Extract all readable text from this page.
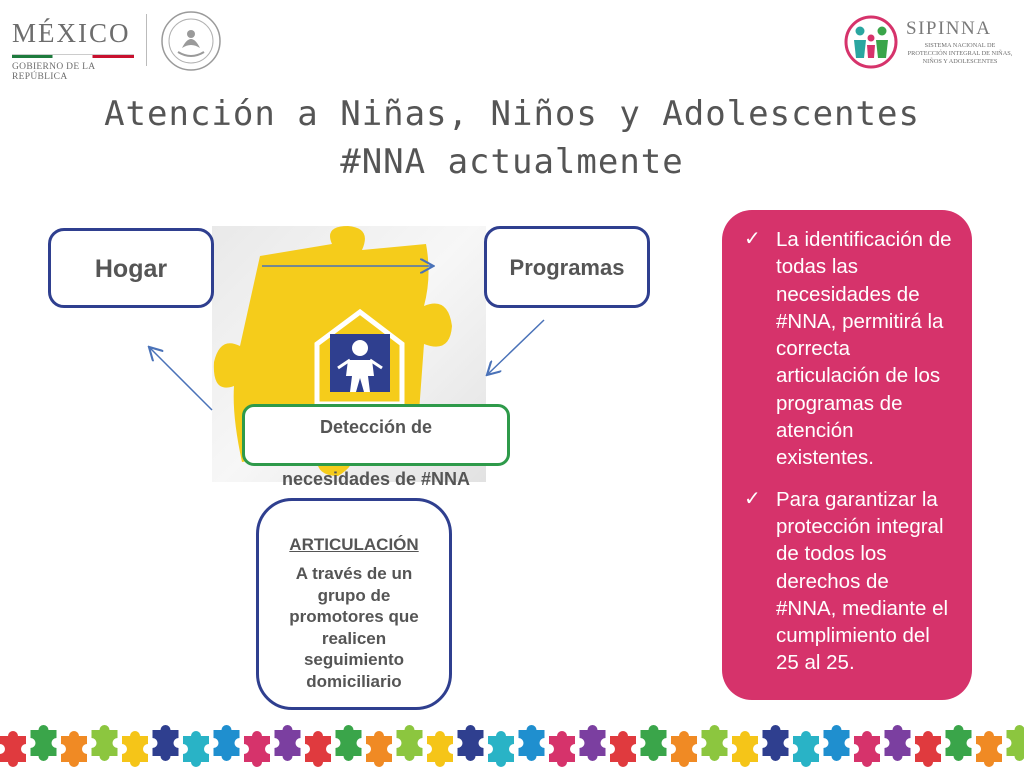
MÉXICO
GOBIERNO DE LA REPÚBLICA
SIPINNA
SISTEMA NACIONAL DE PROTECCIÓN INTEGRAL DE NIÑAS, NIÑOS Y ADOLESCENTES
Atención a Niñas, Niños y Adolescentes
#NNA actualmente
Hogar	Programas
Detección de

necesidades de #NNA
ARTICULACIÓN
A través de un grupo de promotores que realicen seguimiento domiciliario
✓ La identificación de todas las necesidades de #NNA, permitirá la correcta articulación de los programas de atención existentes.
✓ Para garantizar la protección integral de todos los derechos de #NNA, mediante el cumplimiento del 25 al 25.
